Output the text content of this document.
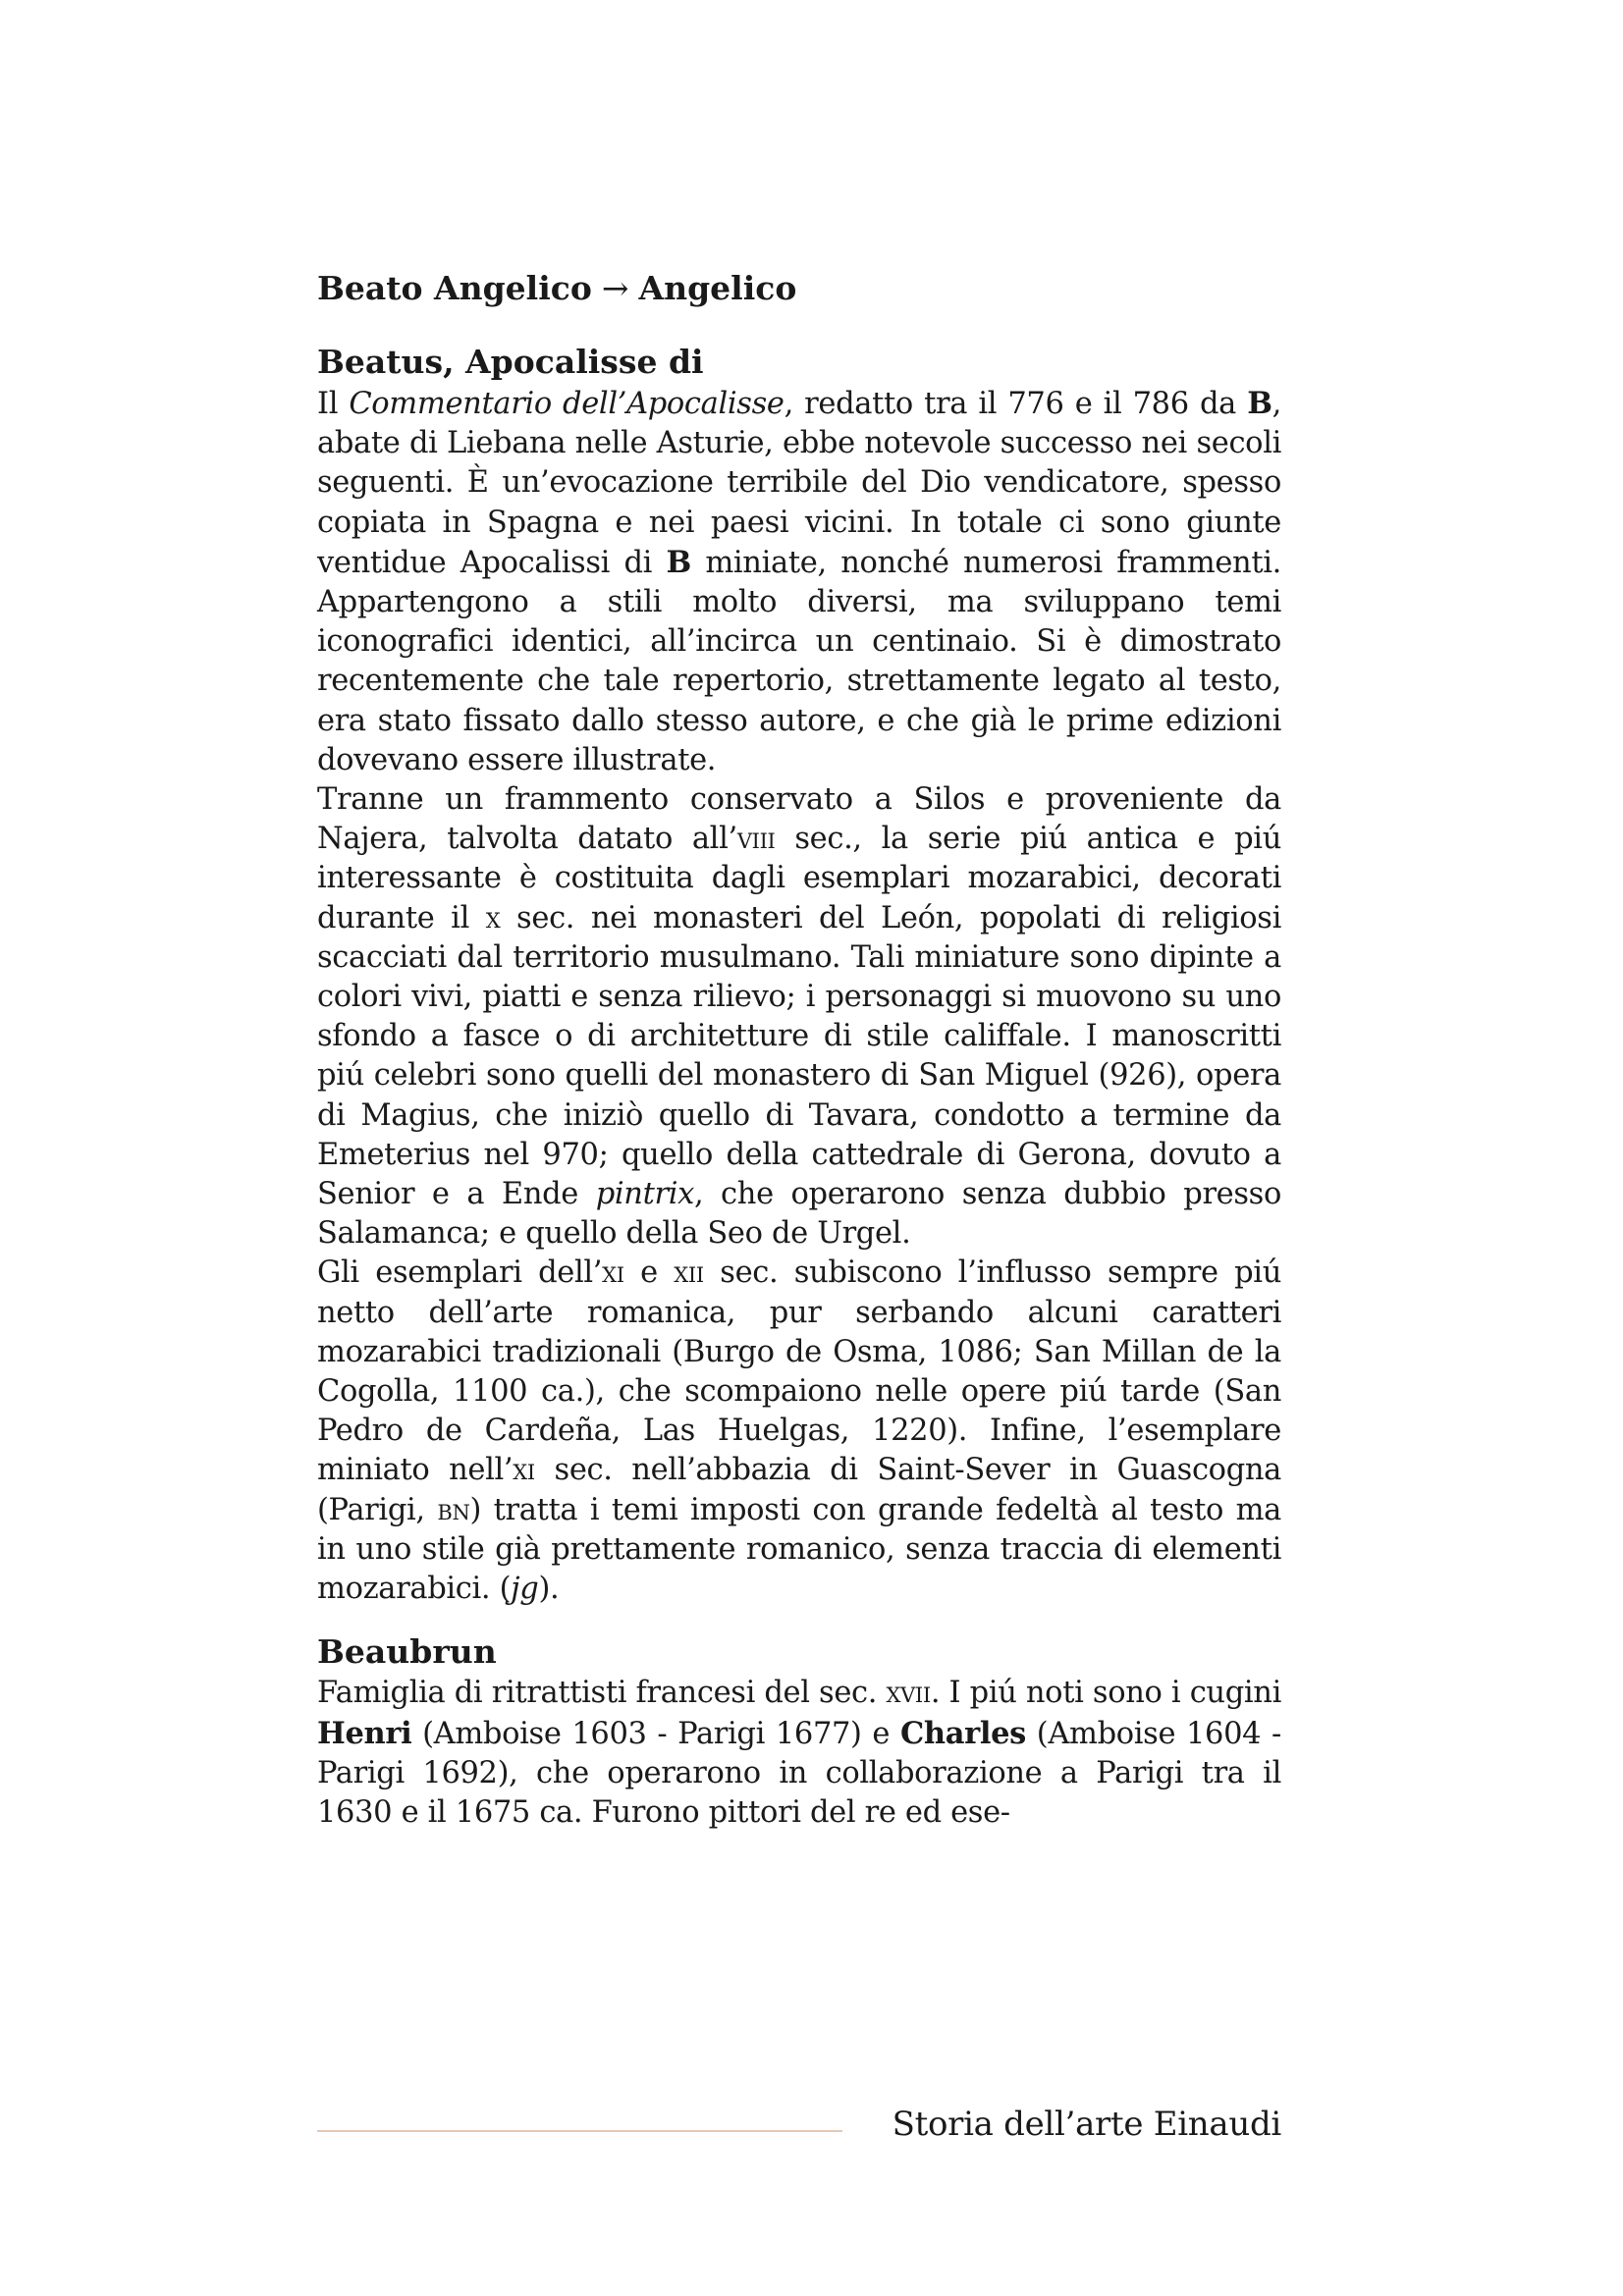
Beato Angelico → Angelico
Beatus, Apocalisse di

Il Commentario dell’Apocalisse, redatto tra il 776 e il 786 da B, abate di Liebana nelle Asturie, ebbe notevole successo nei secoli seguenti. È un’evocazione terribile del Dio vendicatore, spesso copiata in Spagna e nei paesi vicini. In totale ci sono giunte ventidue Apocalissi di B miniate, nonché numerosi frammenti. Appartengono a stili molto diversi, ma sviluppano temi iconografici identici, all’incirca un centinaio. Si è dimostrato recentemente che tale repertorio, strettamente legato al testo, era stato fissato dallo stesso autore, e che già le prime edizioni dovevano essere illustrate.

Tranne un frammento conservato a Silos e proveniente da Najera, talvolta datato all’viii sec., la serie piú antica e piú interessante è costituita dagli esemplari mozarabici, decorati durante il x sec. nei monasteri del León, popolati di religiosi scacciati dal territorio musulmano. Tali miniature sono dipinte a colori vivi, piatti e senza rilievo; i personaggi si muovono su uno sfondo a fasce o di architetture di stile califfale. I manoscritti piú celebri sono quelli del monastero di San Miguel (926), opera di Magius, che iniziò quello di Tavara, condotto a termine da Emeterius nel 970; quello della cattedrale di Gerona, dovuto a Senior e a Ende pintrix, che operarono senza dubbio presso Salamanca; e quello della Seo de Urgel.

Gli esemplari dell’xi e xii sec. subiscono l’influsso sempre piú netto dell’arte romanica, pur serbando alcuni caratteri mozarabici tradizionali (Burgo de Osma, 1086; San Millan de la Cogolla, 1100 ca.), che scompaiono nelle opere piú tarde (San Pedro de Cardeña, Las Huelgas, 1220). Infine, l’esemplare miniato nell’xi sec. nell’abbazia di Saint-Sever in Guascogna (Parigi, bn) tratta i temi imposti con grande fedeltà al testo ma in uno stile già prettamente romanico, senza traccia di elementi mozarabici. (jg).

Beaubrun

Famiglia di ritrattisti francesi del sec. xvii. I piú noti sono i cugini Henri (Amboise 1603 - Parigi 1677) e Charles (Amboise 1604 - Parigi 1692), che operarono in collaborazione a Parigi tra il 1630 e il 1675 ca. Furono pittori del re ed ese-

Storia dell’arte Einaudi
